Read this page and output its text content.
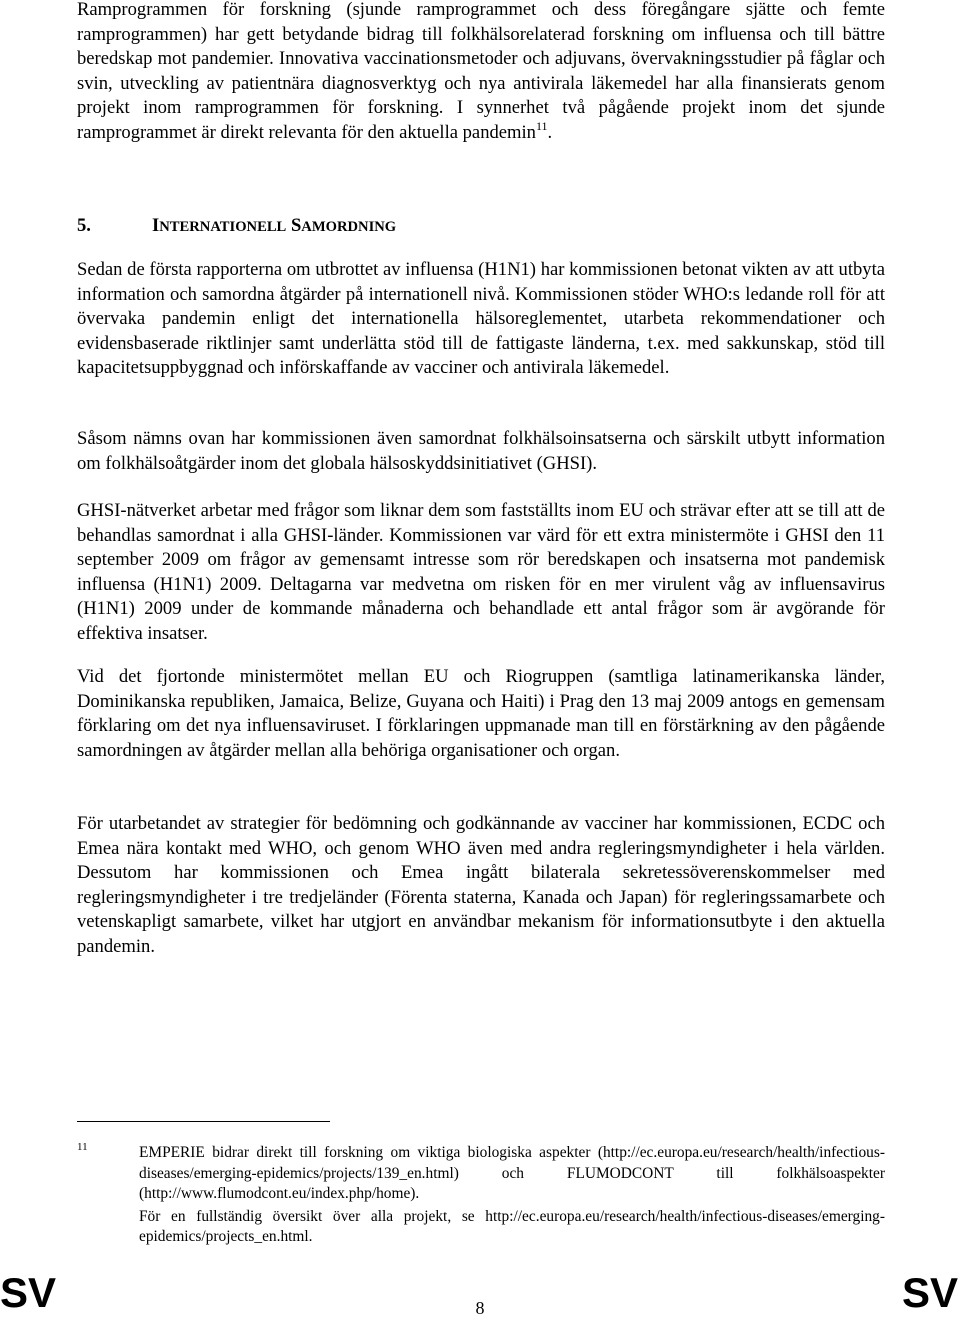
Ramprogrammen för forskning (sjunde ramprogrammet och dess föregångare sjätte och femte ramprogrammen) har gett betydande bidrag till folkhälsorelaterad forskning om influensa och till bättre beredskap mot pandemier. Innovativa vaccinationsmetoder och adjuvans, övervakningsstudier på fåglar och svin, utveckling av patientnära diagnosverktyg och nya antivirala läkemedel har alla finansierats genom projekt inom ramprogrammen för forskning. I synnerhet två pågående projekt inom det sjunde ramprogrammet är direkt relevanta för den aktuella pandemin$^{11}$.

5.	INTERNATIONELL SAMORDNING

Sedan de första rapporterna om utbrottet av influensa (H1N1) har kommissionen betonat vikten av att utbyta information och samordna åtgärder på internationell nivå. Kommissionen stöder WHO:s ledande roll för att övervaka pandemin enligt det internationella hälsoreglementet, utarbeta rekommendationer och evidensbaserade riktlinjer samt underlätta stöd till de fattigaste länderna, t.ex. med sakkunskap, stöd till kapacitetsuppbyggnad och införskaffande av vacciner och antivirala läkemedel.

Såsom nämns ovan har kommissionen även samordnat folkhälsoinsatserna och särskilt utbytt information om folkhälsoåtgärder inom det globala hälsoskyddsinitiativet (GHSI).

GHSI-nätverket arbetar med frågor som liknar dem som fastställts inom EU och strävar efter att se till att de behandlas samordnat i alla GHSI-länder. Kommissionen var värd för ett extra ministermöte i GHSI den 11 september 2009 om frågor av gemensamt intresse som rör beredskapen och insatserna mot pandemisk influensa (H1N1) 2009. Deltagarna var medvetna om risken för en mer virulent våg av influensavirus (H1N1) 2009 under de kommande månaderna och behandlade ett antal frågor som är avgörande för effektiva insatser.

Vid det fjortonde ministermötet mellan EU och Riogruppen (samtliga latinamerikanska länder, Dominikanska republiken, Jamaica, Belize, Guyana och Haiti) i Prag den 13 maj 2009 antogs en gemensam förklaring om det nya influensaviruset. I förklaringen uppmanade man till en förstärkning av den pågående samordningen av åtgärder mellan alla behöriga organisationer och organ.

För utarbetandet av strategier för bedömning och godkännande av vacciner har kommissionen, ECDC och Emea nära kontakt med WHO, och genom WHO även med andra regleringsmyndigheter i hela världen. Dessutom har kommissionen och Emea ingått bilaterala sekretessöverenskommelser med regleringsmyndigheter i tre tredjeländer (Förenta staterna, Kanada och Japan) för regleringssamarbete och vetenskapligt samarbete, vilket har utgjort en användbar mekanism för informationsutbyte i den aktuella pandemin.

11	EMPERIE bidrar direkt till forskning om viktiga biologiska aspekter (http://ec.europa.eu/research/health/infectious-diseases/emerging-epidemics/projects/139_en.html) och FLUMODCONT till folkhälsoaspekter (http://www.flumodcont.eu/index.php/home).

För en fullständig översikt över alla projekt, se http://ec.europa.eu/research/health/infectious-diseases/emerging-epidemics/projects_en.html.

SV	8	SV
